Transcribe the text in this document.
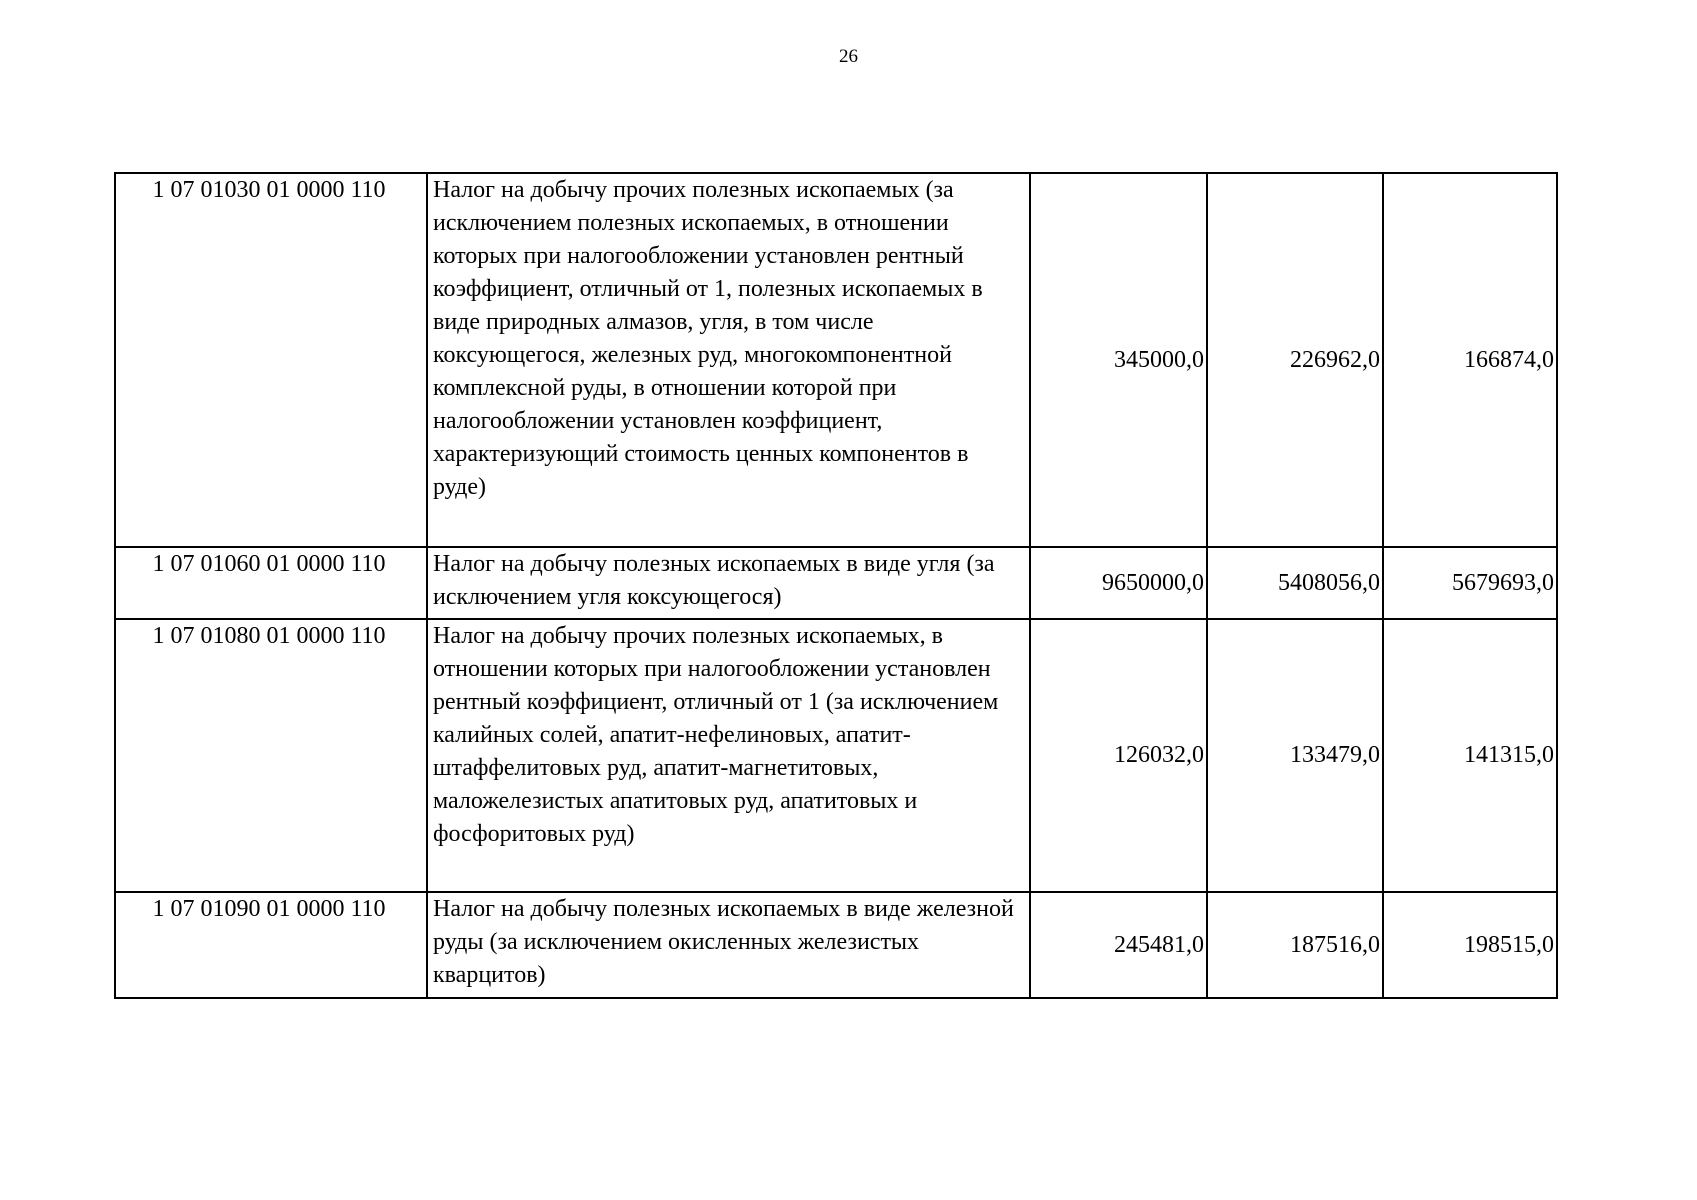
26
1 07 01030 01 0000 110	Налог на добычу прочих полезных ископаемых (за исключением полезных ископаемых, в отношении которых при налогообложении установлен рентный коэффициент, отличный от 1, полезных ископаемых в виде природных алмазов, угля, в том числе коксующегося, железных руд, многокомпонентной комплексной руды, в отношении которой при налогообложении установлен коэффициент, характеризующий стоимость ценных компонентов в руде)	345000,0	226962,0	166874,0
1 07 01060 01 0000 110	Налог на добычу полезных ископаемых в виде угля (за исключением угля коксующегося)	9650000,0	5408056,0	5679693,0
1 07 01080 01 0000 110	Налог на добычу прочих полезных ископаемых, в отношении которых при налогообложении установлен рентный коэффициент, отличный от 1 (за исключением калийных солей, апатит-нефелиновых, апатит-штаффелитовых руд, апатит-магнетитовых, маложелезистых апатитовых руд, апатитовых и фосфоритовых руд)	126032,0	133479,0	141315,0
1 07 01090 01 0000 110	Налог на добычу полезных ископаемых в виде железной руды (за исключением окисленных железистых кварцитов)	245481,0	187516,0	198515,0
